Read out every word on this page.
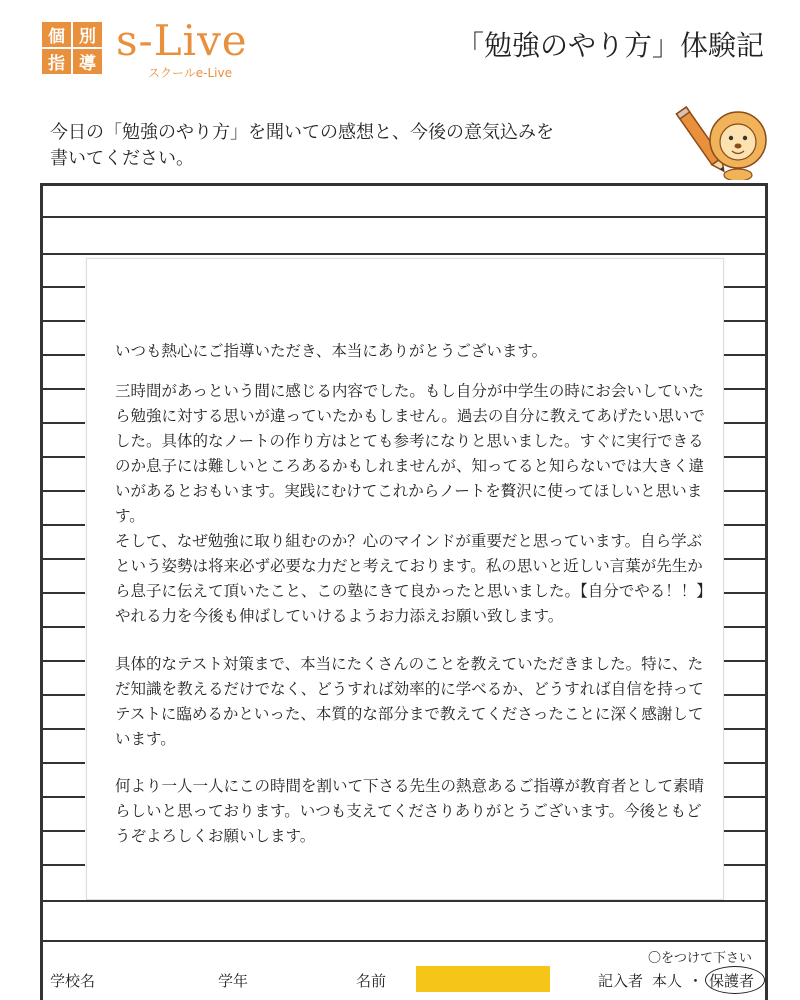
個 別
指 導 s-Live
スクールe-Live
「勉強のやり方」体験記
今日の「勉強のやり方」を聞いての感想と、今後の意気込みを
書いてください。

いつも熱心にご指導いただき、本当にありがとうございます。

三時間があっという間に感じる内容でした。もし自分が中学生の時にお会いしていたら勉強に対する思いが違っていたかもしません。過去の自分に教えてあげたい思いでした。具体的なノートの作り方はとても参考になりと思いました。すぐに実行できるのか息子には難しいところあるかもしれませんが、知ってると知らないでは大きく違いがあるとおもいます。実践にむけてこれからノートを贅沢に使ってほしいと思います。

そして、なぜ勉強に取り組むのか？心のマインドが重要だと思っています。自ら学ぶという姿勢は将来必ず必要な力だと考えております。私の思いと近しい言葉が先生から息子に伝えて頂いたこと、この塾にきて良かったと思いました。【自分でやる！！】やれる力を今後も伸ばしていけるようお力添えお願い致します。

具体的なテスト対策まで、本当にたくさんのことを教えていただきました。特に、ただ知識を教えるだけでなく、どうすれば効率的に学べるか、どうすれば自信を持ってテストに臨めるかといった、本質的な部分まで教えてくださったことに深く感謝しています。

何より一人一人にこの時間を割いて下さる先生の熱意あるご指導が教育者として素晴らしいと思っております。いつも支えてくださりありがとうございます。今後ともどうぞよろしくお願いします。

学校名	学年	名前
〇をつけて下さい
記入者 本人 ・ 保護者
